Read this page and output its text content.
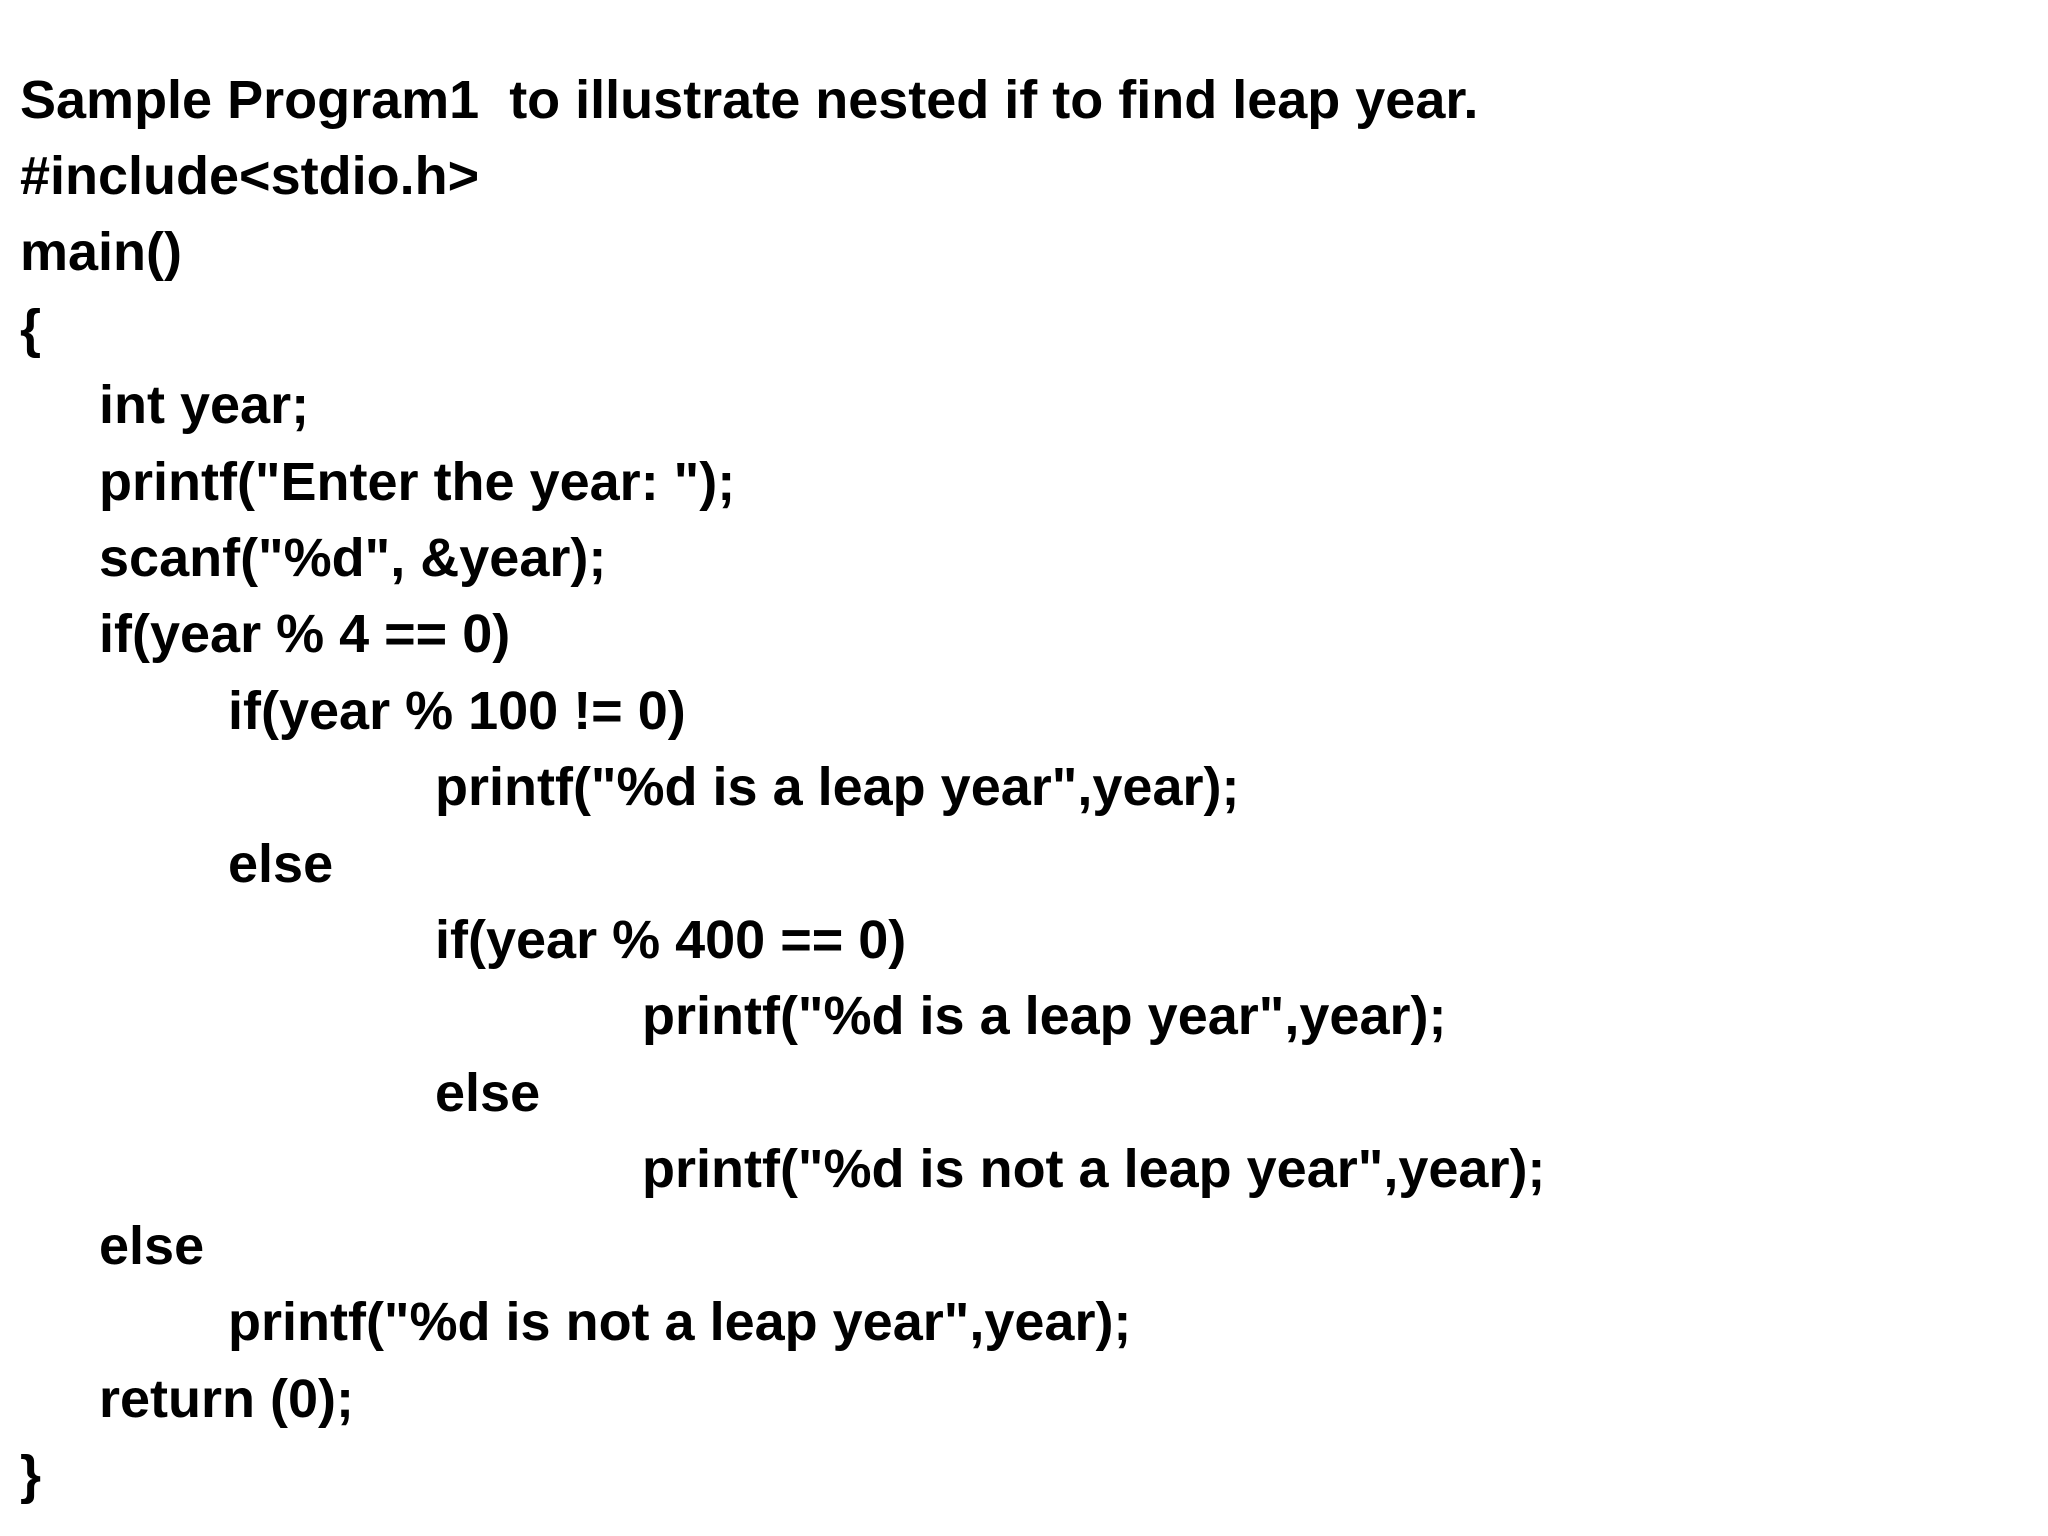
Sample Program1  to illustrate nested if to find leap year.
#include<stdio.h>
main()
{
int year;
printf("Enter the year: ");
scanf("%d", &year);
if(year % 4 == 0)
if(year % 100 != 0)
printf("%d is a leap year",year);
else
if(year % 400 == 0)
printf("%d is a leap year",year);
else
printf("%d is not a leap year",year);
else
printf("%d is not a leap year",year);
return (0);
}
